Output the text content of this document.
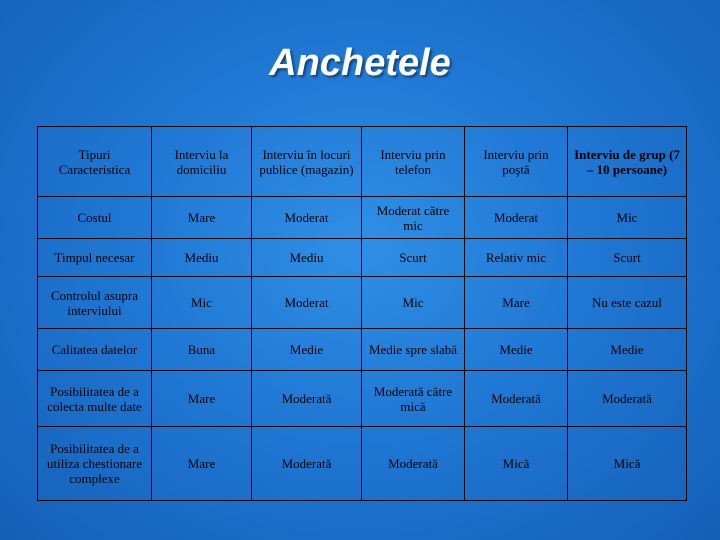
Anchetele
Tipuri Caracteristica	Interviu la domiciliu	Interviu în locuri publice (magazin)	Interviu prin telefon	Interviu prin poştă	Interviu de grup (7 – 10 persoane)
Costul	Mare	Moderat	Moderat către mic	Moderat	Mic
Timpul necesar	Mediu	Mediu	Scurt	Relativ mic	Scurt
Controlul asupra interviului	Mic	Moderat	Mic	Mare	Nu este cazul
Calitatea datelor	Buna	Medie	Medie spre slabă	Medie	Medie
Posibilitatea de a colecta multe date	Mare	Moderată	Moderată către mică	Moderată	Moderată
Posibilitatea de a utiliza chestionare complexe	Mare	Moderată	Moderată	Mică	Mică
